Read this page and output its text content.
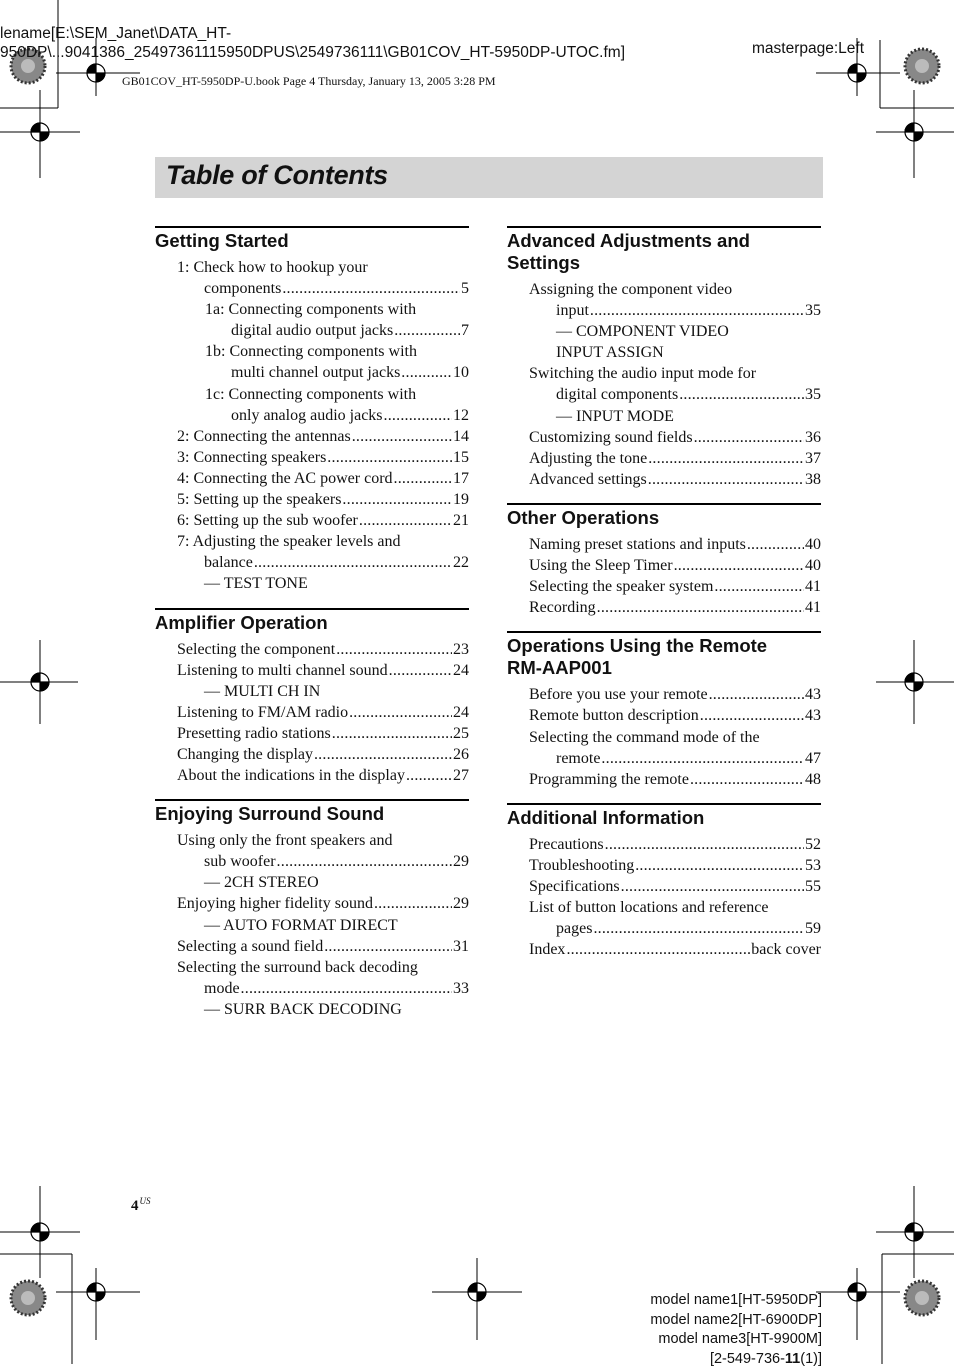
lename[E:\SEM_Janet\DATA_HT-
950DP\...9041386_25497361115950DPUS\2549736111\GB01COV_HT-5950DP-UTOC.fm]	masterpage:Left
GB01COV_HT-5950DP-U.book Page 4 Thursday, January 13, 2005 3:28 PM
Table of Contents
Getting Started
1: Check how to hookup your
components .....	5
1a: Connecting components with
digital audio output jacks .....	7
1b: Connecting components with
multi channel output jacks .....	10
1c: Connecting components with
only analog audio jacks .....	12
2: Connecting the antennas .....	14
3: Connecting speakers .....	15
4: Connecting the AC power cord .....	17
5: Setting up the speakers .....	19
6: Setting up the sub woofer .....	21
7: Adjusting the speaker levels and
balance .....	22
— TEST TONE
Amplifier Operation
Selecting the component .....	23
Listening to multi channel sound .....	24
— MULTI CH IN
Listening to FM/AM radio .....	24
Presetting radio stations .....	25
Changing the display .....	26
About the indications in the display .....	27
Enjoying Surround Sound
Using only the front speakers and
sub woofer .....	29
— 2CH STEREO
Enjoying higher fidelity sound .....	29
— AUTO FORMAT DIRECT
Selecting a sound field .....	31
Selecting the surround back decoding
mode .....	33
— SURR BACK DECODING
Advanced Adjustments and
Settings
Assigning the component video
input .....	35
— COMPONENT VIDEO
INPUT ASSIGN
Switching the audio input mode for
digital components .....	35
— INPUT MODE
Customizing sound fields .....	36
Adjusting the tone .....	37
Advanced settings .....	38
Other Operations
Naming preset stations and inputs .....	40
Using the Sleep Timer .....	40
Selecting the speaker system .....	41
Recording .....	41
Operations Using the Remote
RM-AAP001
Before you use your remote .....	43
Remote button description .....	43
Selecting the command mode of the
remote .....	47
Programming the remote .....	48
Additional Information
Precautions .....	52
Troubleshooting .....	53
Specifications .....	55
List of button locations and reference
pages .....	59
Index .....	back cover
$4^{US}$
model name1[HT-5950DP]
model name2[HT-6900DP]
model name3[HT-9900M]
[2-549-736-11(1)]
